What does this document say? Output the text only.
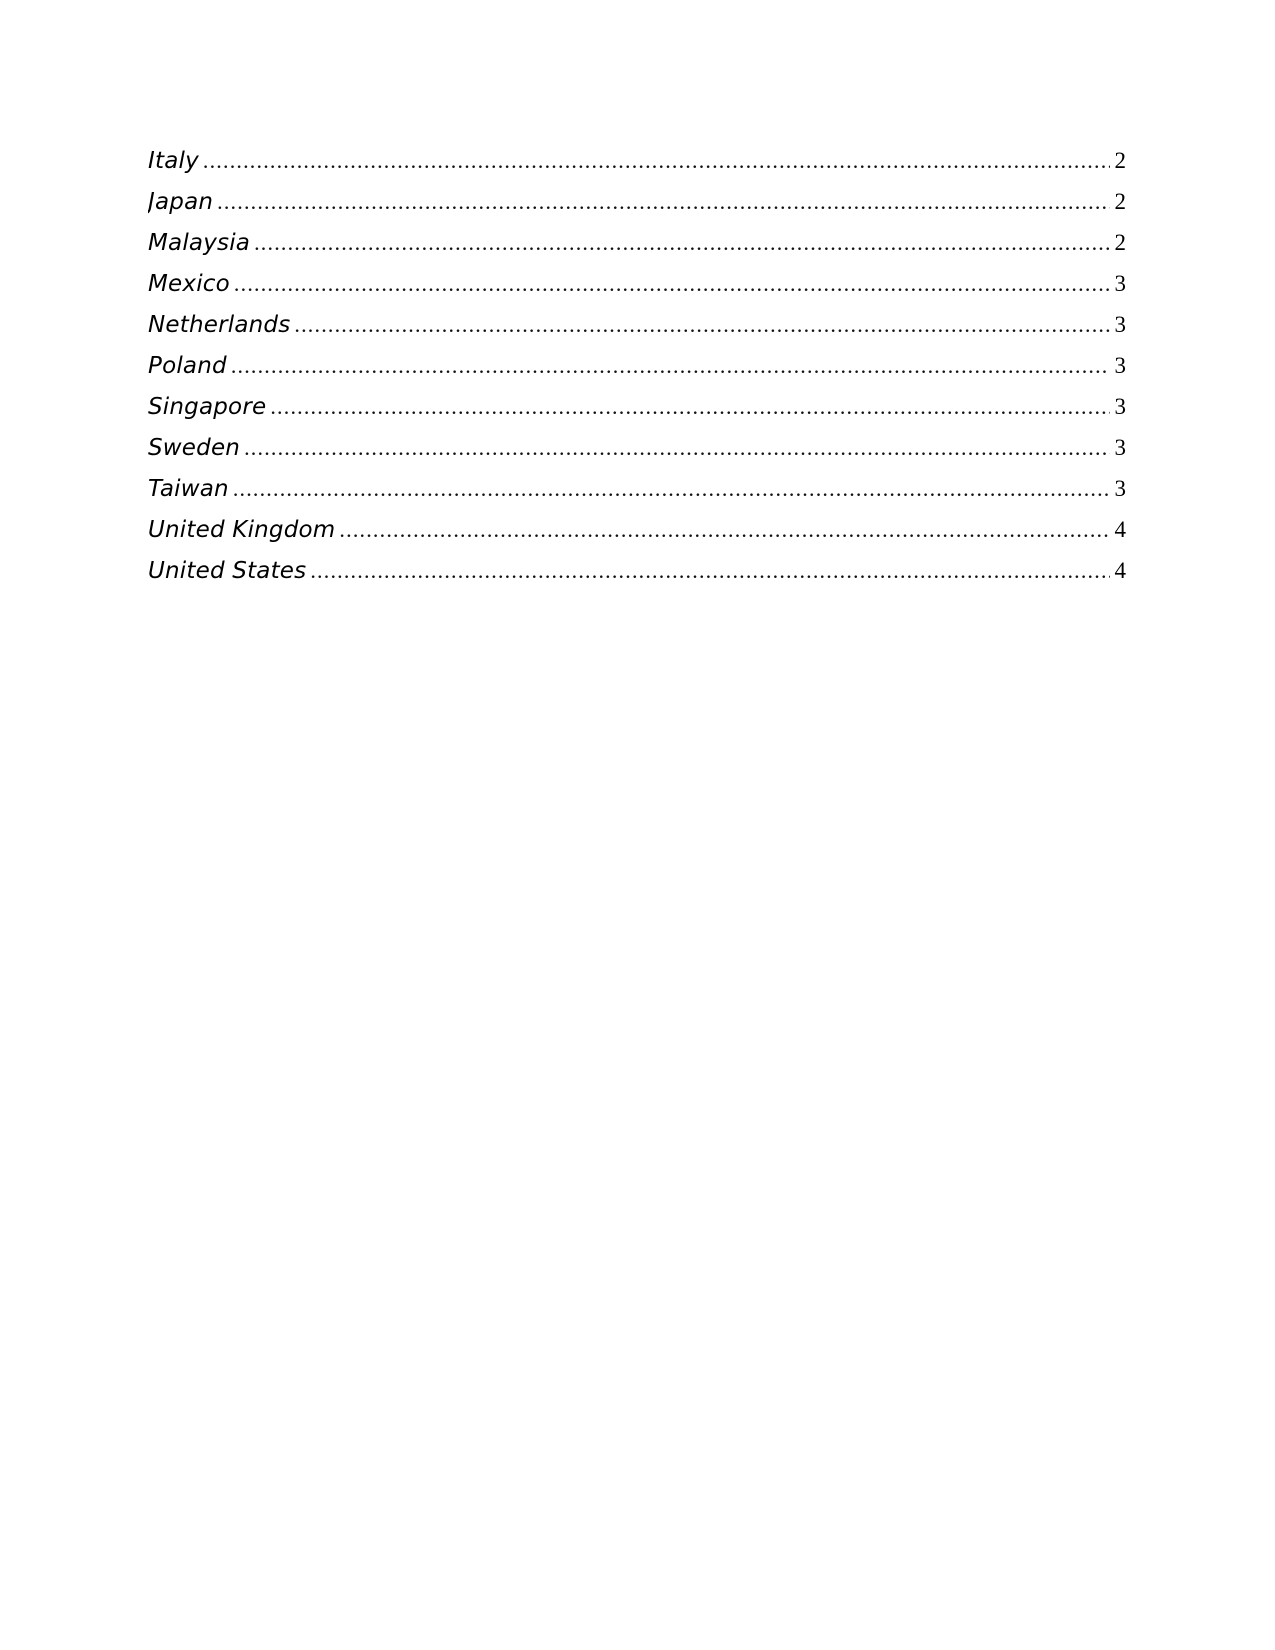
Italy .....	2
Japan .....	2
Malaysia .....	2
Mexico .....	3
Netherlands .....	3
Poland .....	3
Singapore .....	3
Sweden .....	3
Taiwan .....	3
United Kingdom .....	4
United States .....	4
